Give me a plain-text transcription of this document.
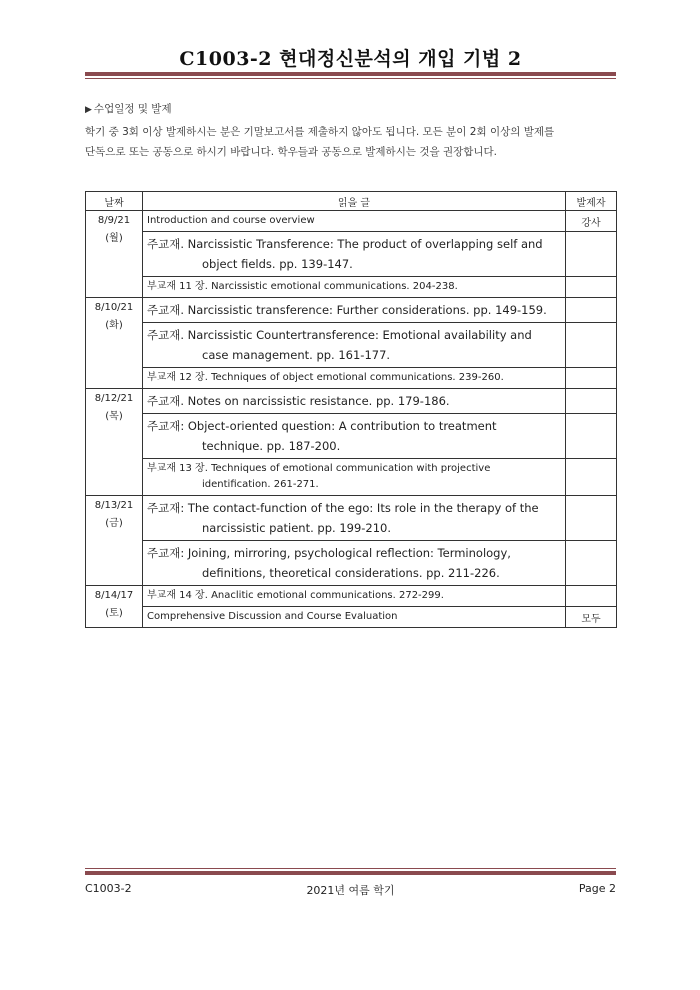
C1003-2 현대정신분석의 개입 기법 2
▶ 수업일정 및 발제

학기 중 3회 이상 발제하시는 분은 기말보고서를 제출하지 않아도 됩니다. 모든 분이 2회 이상의 발제를

단독으로 또는 공동으로 하시기 바랍니다. 학우들과 공동으로 발제하시는 것을 권장합니다.

날짜	읽을 글	발제자

8/9/21
(월)	Introduction and course overview	강사
	주교재. Narcissistic Transference: The product of overlapping self and object fields. pp. 139-147.	
	부교재 11 장. Narcissistic emotional communications. 204-238.	

8/10/21
(화)	주교재. Narcissistic transference: Further considerations. pp. 149-159.	
	주교재. Narcissistic Countertransference: Emotional availability and case management. pp. 161-177.	
	부교재 12 장. Techniques of object emotional communications. 239-260.	

8/12/21
(목)	주교재. Notes on narcissistic resistance. pp. 179-186.	
	주교재: Object-oriented question: A contribution to treatment technique. pp. 187-200.	
	부교재 13 장. Techniques of emotional communication with projective identification. 261-271.	

8/13/21
(금)	주교재: The contact-function of the ego: Its role in the therapy of the narcissistic patient. pp. 199-210.	
	주교재: Joining, mirroring, psychological reflection: Terminology, definitions, theoretical considerations. pp. 211-226.	

8/14/17
(토)	부교재 14 장. Anaclitic emotional communications. 272-299.	
	Comprehensive Discussion and Course Evaluation	모두
2021년 여름 학기
C1003-2	Page 2
